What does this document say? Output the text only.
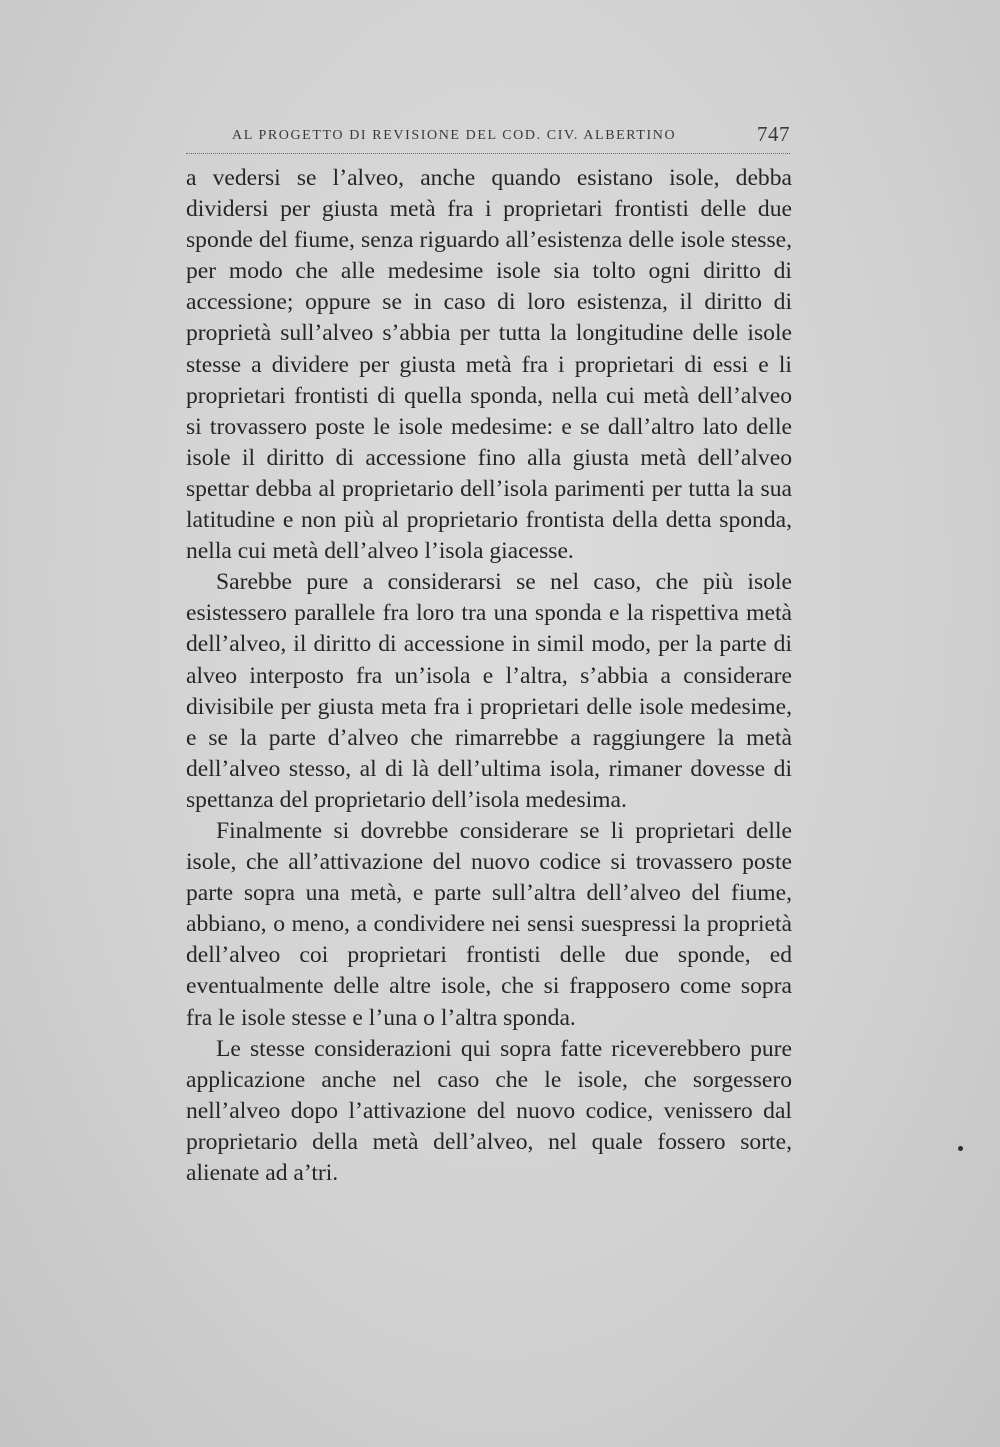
AL PROGETTO DI REVISIONE DEL COD. CIV. ALBERTINO	747

a vedersi se l’alveo, anche quando esistano isole, debba dividersi per giusta metà fra i proprietari frontisti delle due sponde del fiume, senza riguardo all’esistenza delle isole stesse, per modo che alle medesime isole sia tolto ogni diritto di accessione; oppure se in caso di loro esistenza, il diritto di proprietà sull’alveo s’abbia per tutta la longitudine delle isole stesse a dividere per giusta metà fra i proprietari di essi e li proprietari frontisti di quella sponda, nella cui metà dell’alveo si trovassero poste le isole medesime: e se dall’altro lato delle isole il diritto di accessione fino alla giusta metà dell’alveo spettar debba al proprietario dell’isola parimenti per tutta la sua latitudine e non più al proprietario frontista della detta sponda, nella cui metà dell’alveo l’isola giacesse.

Sarebbe pure a considerarsi se nel caso, che più isole esistessero parallele fra loro tra una sponda e la rispettiva metà dell’alveo, il diritto di accessione in simil modo, per la parte di alveo interposto fra un’isola e l’altra, s’abbia a considerare divisibile per giusta meta fra i proprietari delle isole medesime, e se la parte d’alveo che rimarrebbe a raggiungere la metà dell’alveo stesso, al di là dell’ultima isola, rimaner dovesse di spettanza del proprietario dell’isola medesima.

Finalmente si dovrebbe considerare se li proprietari delle isole, che all’attivazione del nuovo codice si trovassero poste parte sopra una metà, e parte sull’altra dell’alveo del fiume, abbiano, o meno, a condividere nei sensi suespressi la proprietà dell’alveo coi proprietari frontisti delle due sponde, ed eventualmente delle altre isole, che si frapposero come sopra fra le isole stesse e l’una o l’altra sponda.

Le stesse considerazioni qui sopra fatte riceverebbero pure applicazione anche nel caso che le isole, che sorgessero nell’alveo dopo l’attivazione del nuovo codice, venissero dal proprietario della metà dell’alveo, nel quale fossero sorte, alienate ad a’tri.
